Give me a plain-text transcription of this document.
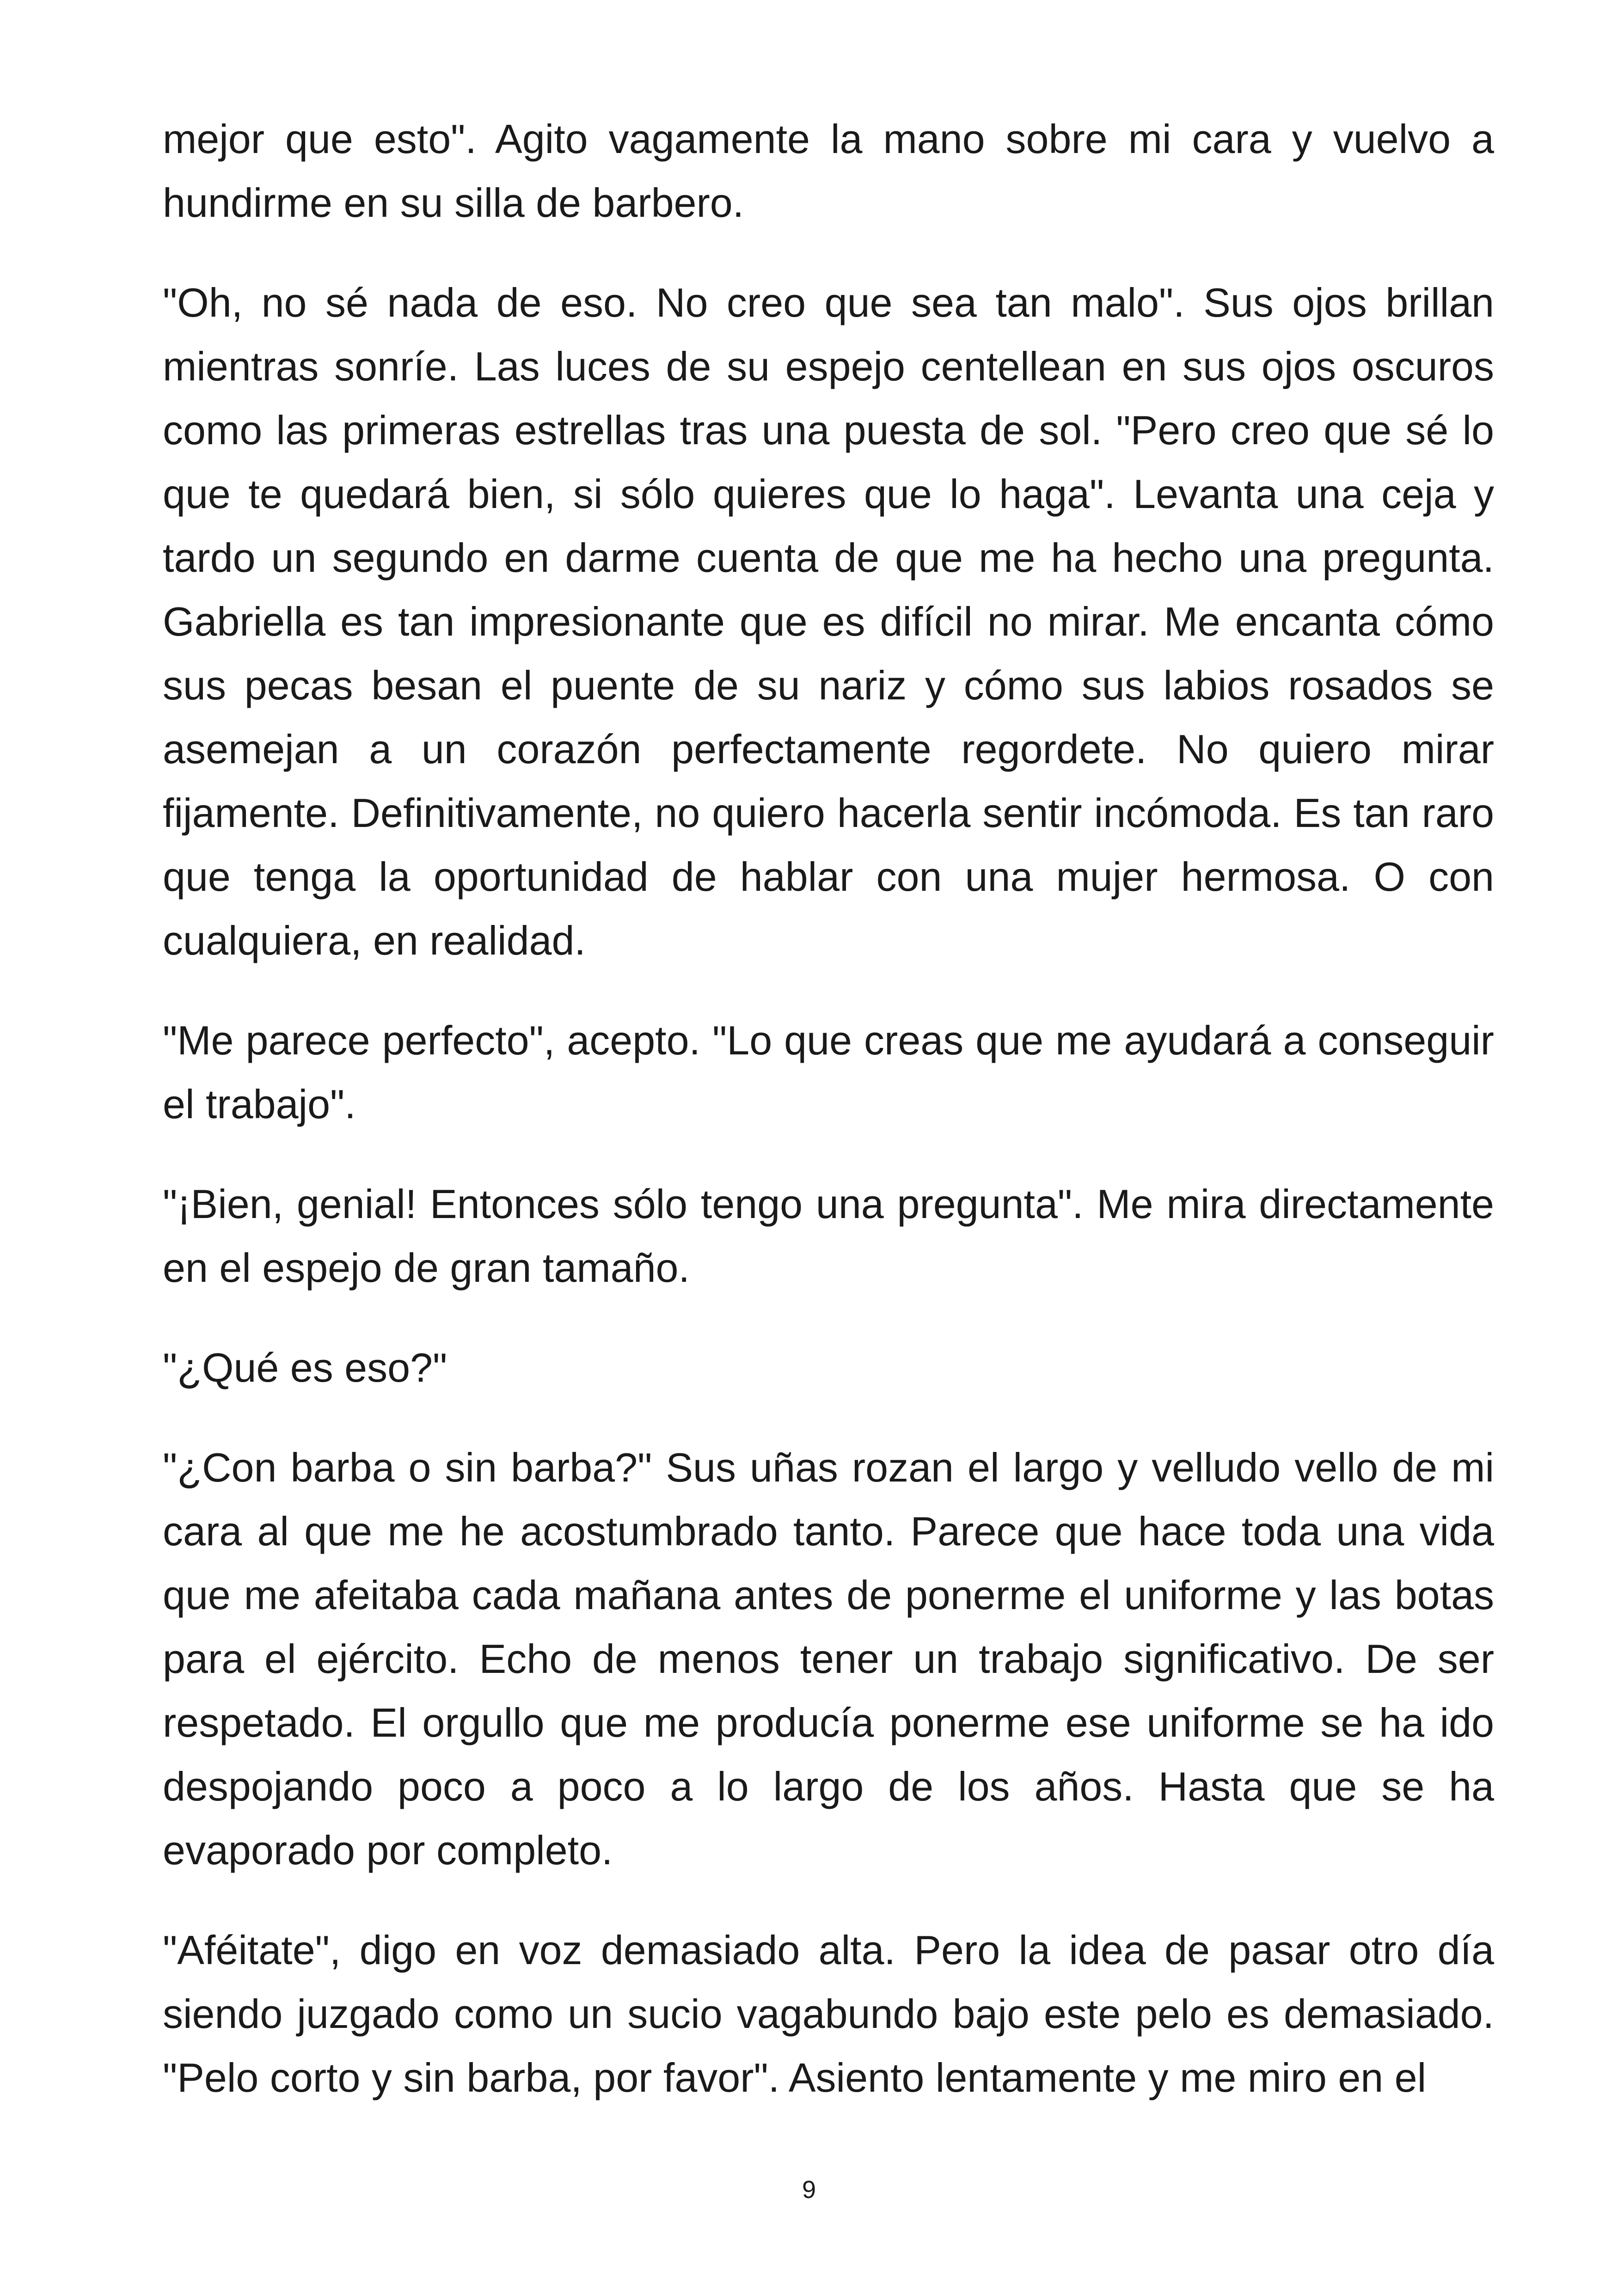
mejor que esto". Agito vagamente la mano sobre mi cara y vuelvo a hundirme en su silla de barbero.

"Oh, no sé nada de eso. No creo que sea tan malo". Sus ojos brillan mientras sonríe. Las luces de su espejo centellean en sus ojos oscuros como las primeras estrellas tras una puesta de sol. "Pero creo que sé lo que te quedará bien, si sólo quieres que lo haga". Levanta una ceja y tardo un segundo en darme cuenta de que me ha hecho una pregunta. Gabriella es tan impresionante que es difícil no mirar. Me encanta cómo sus pecas besan el puente de su nariz y cómo sus labios rosados se asemejan a un corazón perfectamente regordete. No quiero mirar fijamente. Definitivamente, no quiero hacerla sentir incómoda. Es tan raro que tenga la oportunidad de hablar con una mujer hermosa. O con cualquiera, en realidad.

"Me parece perfecto", acepto. "Lo que creas que me ayudará a conseguir el trabajo".

"¡Bien, genial! Entonces sólo tengo una pregunta". Me mira directamente en el espejo de gran tamaño.

"¿Qué es eso?"

"¿Con barba o sin barba?" Sus uñas rozan el largo y velludo vello de mi cara al que me he acostumbrado tanto. Parece que hace toda una vida que me afeitaba cada mañana antes de ponerme el uniforme y las botas para el ejército. Echo de menos tener un trabajo significativo. De ser respetado. El orgullo que me producía ponerme ese uniforme se ha ido despojando poco a poco a lo largo de los años. Hasta que se ha evaporado por completo.

"Aféitate", digo en voz demasiado alta. Pero la idea de pasar otro día siendo juzgado como un sucio vagabundo bajo este pelo es demasiado. "Pelo corto y sin barba, por favor". Asiento lentamente y me miro en el

9
